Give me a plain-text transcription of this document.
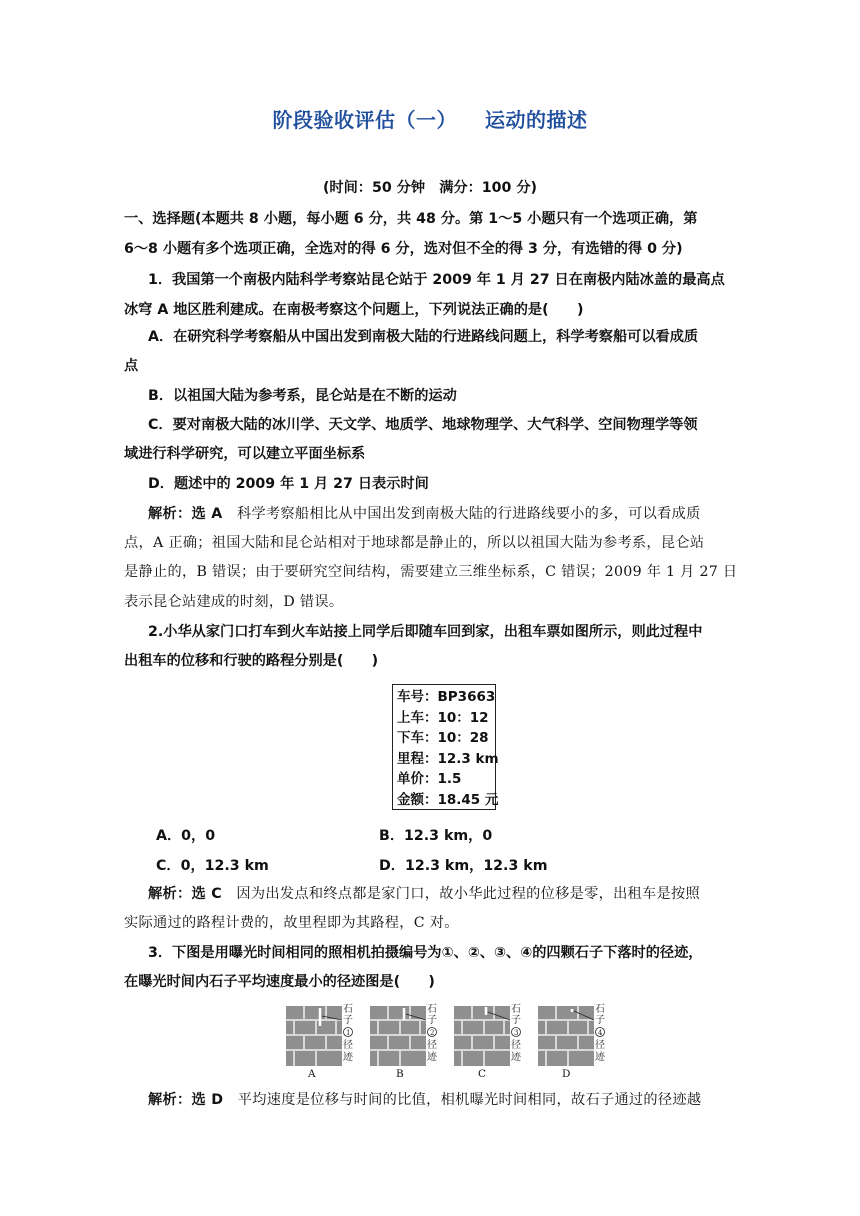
阶段验收评估（一） 运动的描述
(时间：50 分钟　满分：100 分)
一、选择题(本题共 8 小题，每小题 6 分，共 48 分。第 1～5 小题只有一个选项正确，第
6～8 小题有多个选项正确，全选对的得 6 分，选对但不全的得 3 分，有选错的得 0 分)
1．我国第一个南极内陆科学考察站昆仑站于 2009 年 1 月 27 日在南极内陆冰盖的最高点
冰穹 A 地区胜利建成。在南极考察这个问题上，下列说法正确的是(　　)
A．在研究科学考察船从中国出发到南极大陆的行进路线问题上，科学考察船可以看成质
点
B．以祖国大陆为参考系，昆仑站是在不断的运动
C．要对南极大陆的冰川学、天文学、地质学、地球物理学、大气科学、空间物理学等领
域进行科学研究，可以建立平面坐标系
D．题述中的 2009 年 1 月 27 日表示时间
解析：选 A　科学考察船相比从中国出发到南极大陆的行进路线要小的多，可以看成质
点，A 正确；祖国大陆和昆仑站相对于地球都是静止的，所以以祖国大陆为参考系，昆仑站
是静止的，B 错误；由于要研究空间结构，需要建立三维坐标系，C 错误；2009 年 1 月 27 日
表示昆仑站建成的时刻，D 错误。
2.小华从家门口打车到火车站接上同学后即随车回到家，出租车票如图所示，则此过程中
出租车的位移和行驶的路程分别是(　　)
车号：BP3663
上车：10：12
下车：10：28
里程：12.3 km
单价：1.5
金额：18.45 元
A．0，0	B．12.3 km，0
C．0，12.3 km	D．12.3 km，12.3 km
解析：选 C　因为出发点和终点都是家门口，故小华此过程的位移是零，出租车是按照
实际通过的路程计费的，故里程即为其路程，C 对。
3．下图是用曝光时间相同的照相机拍摄编号为①、②、③、④的四颗石子下落时的径迹，
在曝光时间内石子平均速度最小的径迹图是(　　)
石
子
1
径
迹
石
子
2
径
迹
石
子
3
径
迹
石
子
4
径
迹
A	B	C	D
解析：选 D　平均速度是位移与时间的比值，相机曝光时间相同，故石子通过的径迹越
